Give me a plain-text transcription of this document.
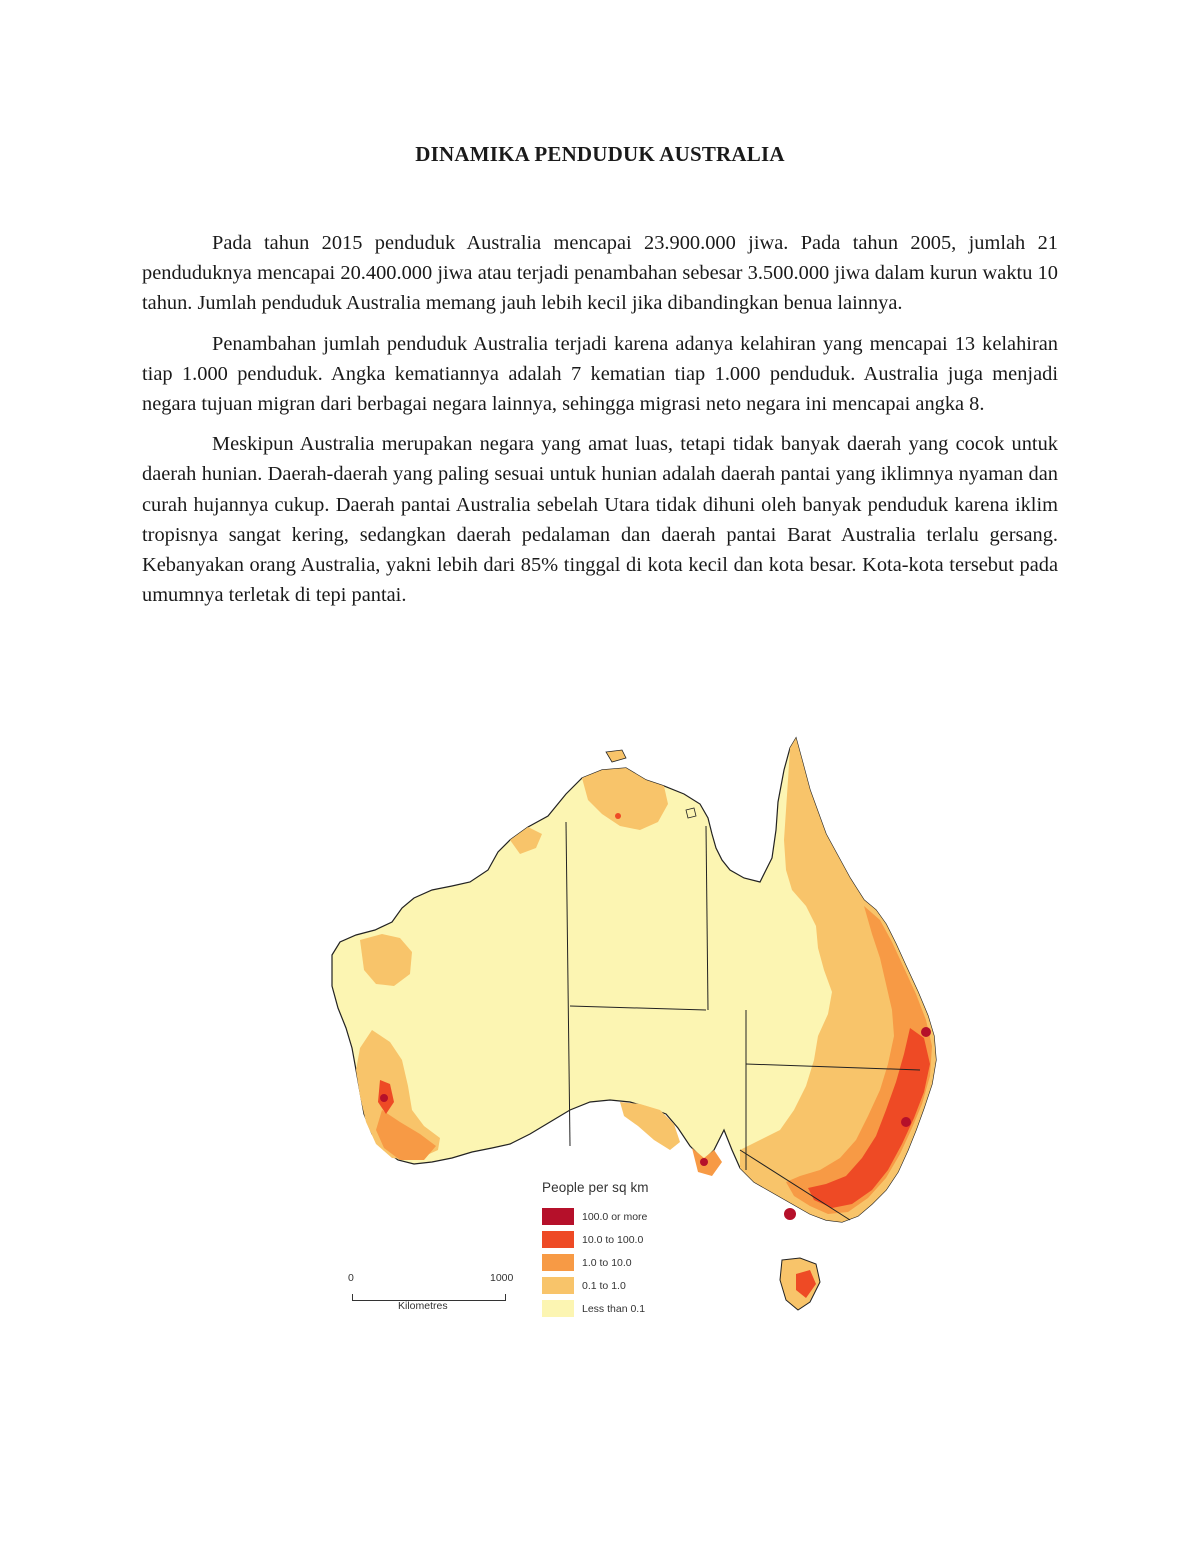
DINAMIKA PENDUDUK AUSTRALIA

Pada tahun 2015 penduduk Australia mencapai 23.900.000 jiwa. Pada tahun 2005, jumlah 21 penduduknya mencapai 20.400.000 jiwa atau terjadi penambahan sebesar 3.500.000 jiwa dalam kurun waktu 10 tahun. Jumlah penduduk Australia memang jauh lebih kecil jika dibandingkan benua lainnya.

Penambahan jumlah penduduk Australia terjadi karena adanya kelahiran yang mencapai 13 kelahiran tiap 1.000 penduduk. Angka kematiannya adalah 7 kematian tiap 1.000 penduduk. Australia juga menjadi negara tujuan migran dari berbagai negara lainnya, sehingga migrasi neto negara ini mencapai angka 8.

Meskipun Australia merupakan negara yang amat luas, tetapi tidak banyak daerah yang cocok untuk daerah hunian. Daerah-daerah yang paling sesuai untuk hunian adalah daerah pantai yang iklimnya nyaman dan curah hujannya cukup. Daerah pantai Australia sebelah Utara tidak dihuni oleh banyak penduduk karena iklim tropisnya sangat kering, sedangkan daerah pedalaman dan daerah pantai Barat Australia terlalu gersang. Kebanyakan orang Australia, yakni lebih dari 85% tinggal di kota kecil dan kota besar. Kota-kota tersebut pada umumnya terletak di tepi pantai.

People per sq km
100.0 or more
10.0 to 100.0
1.0 to 10.0
0.1 to 1.0
Less than 0.1
0	1000
Kilometres
